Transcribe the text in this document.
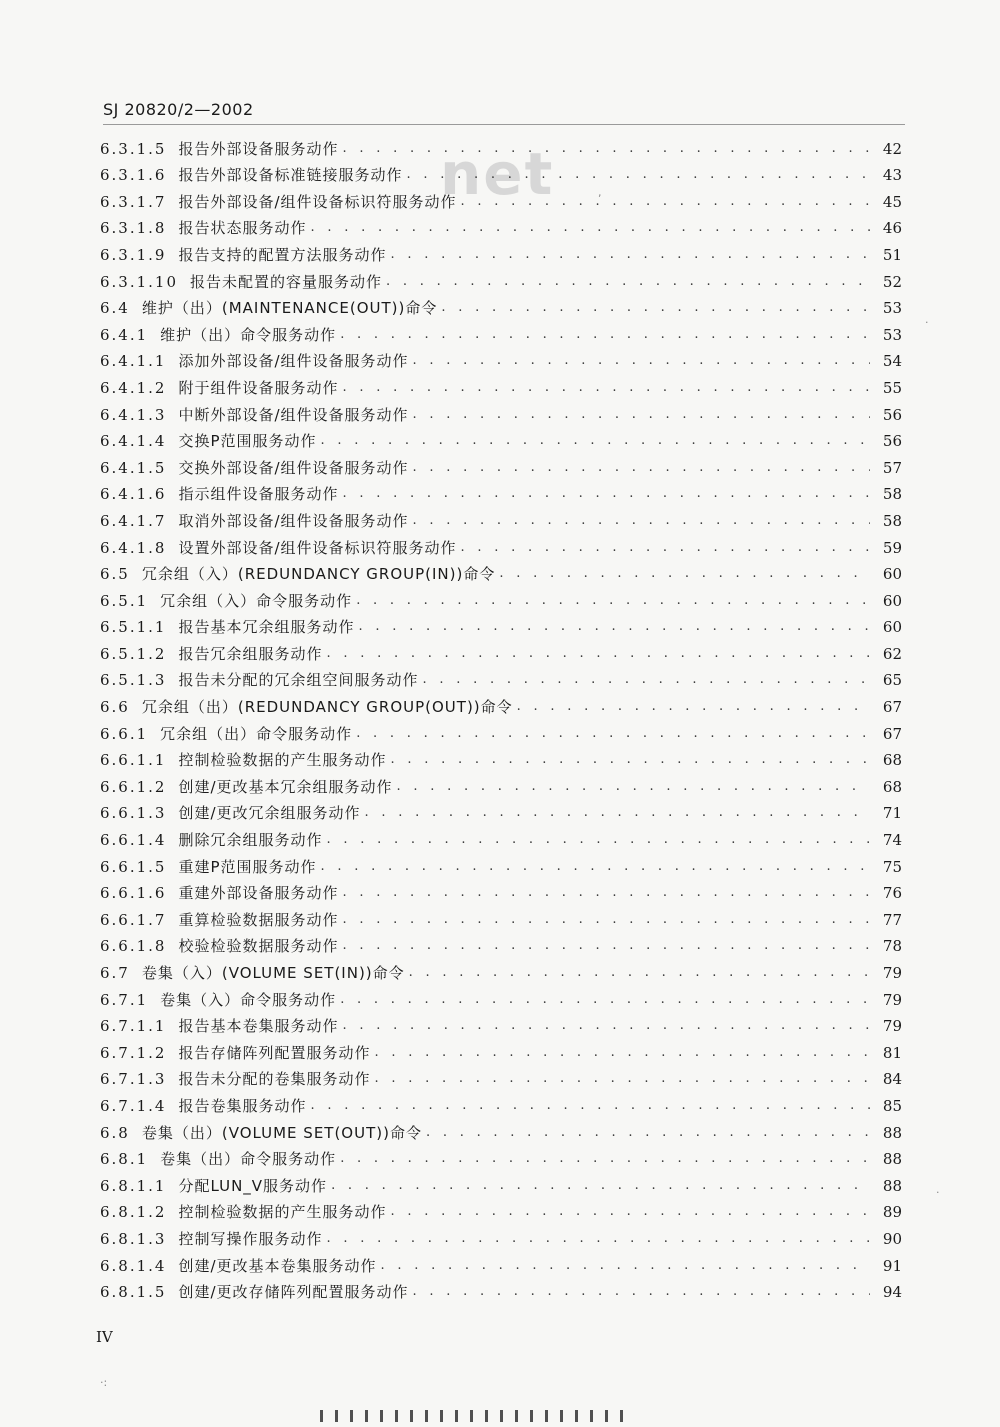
SJ 20820/2—2002
net
6.3.1.5 报告外部设备服务动作 . . .	42
6.3.1.6 报告外部设备标准链接服务动作 . . .	43
6.3.1.7 报告外部设备/组件设备标识符服务动作 . . .	45
6.3.1.8 报告状态服务动作 . . .	46
6.3.1.9 报告支持的配置方法服务动作 . . .	51
6.3.1.10 报告未配置的容量服务动作 . . .	52
6.4 维护（出）(MAINTENANCE(OUT))命令 . . .	53
6.4.1 维护（出）命令服务动作 . . .	53
6.4.1.1 添加外部设备/组件设备服务动作 . . .	54
6.4.1.2 附于组件设备服务动作 . . .	55
6.4.1.3 中断外部设备/组件设备服务动作 . . .	56
6.4.1.4 交换P范围服务动作 . . .	56
6.4.1.5 交换外部设备/组件设备服务动作 . . .	57
6.4.1.6 指示组件设备服务动作 . . .	58
6.4.1.7 取消外部设备/组件设备服务动作 . . .	58
6.4.1.8 设置外部设备/组件设备标识符服务动作 . . .	59
6.5 冗余组（入）(REDUNDANCY GROUP(IN))命令 . . .	60
6.5.1 冗余组（入）命令服务动作 . . .	60
6.5.1.1 报告基本冗余组服务动作 . . .	60
6.5.1.2 报告冗余组服务动作 . . .	62
6.5.1.3 报告未分配的冗余组空间服务动作 . . .	65
6.6 冗余组（出）(REDUNDANCY GROUP(OUT))命令 . . .	67
6.6.1 冗余组（出）命令服务动作 . . .	67
6.6.1.1 控制检验数据的产生服务动作 . . .	68
6.6.1.2 创建/更改基本冗余组服务动作 . . .	68
6.6.1.3 创建/更改冗余组服务动作 . . .	71
6.6.1.4 删除冗余组服务动作 . . .	74
6.6.1.5 重建P范围服务动作 . . .	75
6.6.1.6 重建外部设备服务动作 . . .	76
6.6.1.7 重算检验数据服务动作 . . .	77
6.6.1.8 校验检验数据服务动作 . . .	78
6.7 卷集（入）(VOLUME SET(IN))命令 . . .	79
6.7.1 卷集（入）命令服务动作 . . .	79
6.7.1.1 报告基本卷集服务动作 . . .	79
6.7.1.2 报告存储阵列配置服务动作 . . .	81
6.7.1.3 报告未分配的卷集服务动作 . . .	84
6.7.1.4 报告卷集服务动作 . . .	85
6.8 卷集（出）(VOLUME SET(OUT))命令 . . .	88
6.8.1 卷集（出）命令服务动作 . . .	88
6.8.1.1 分配LUN_V服务动作 . . .	88
6.8.1.2 控制检验数据的产生服务动作 . . .	89
6.8.1.3 控制写操作服务动作 . . .	90
6.8.1.4 创建/更改基本卷集服务动作 . . .	91
6.8.1.5 创建/更改存储阵列配置服务动作 . . .	94
IV
,
·
·:
·
